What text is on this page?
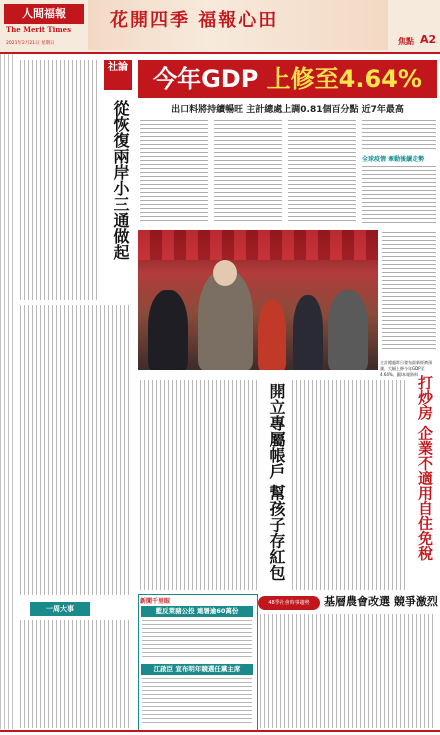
人間福報
The Merit Times
2021年2月21日 星期日
花開四季 福報心田
焦點 A2
社論
從恢復兩岸小三通做起
今年GDP 上修至4.64%
出口料將持續暢旺 主計總處上調0.81個百分點 近7年最高
全球疫情 牽動後續走勢
主計總處昨日發布最新經濟預測，大幅上修今年GDP至4.64%。圖/本報資料
開立專屬帳戶 幫孩子存紅包	打炒房 企業不適用自住免稅
48季社會時事趨勢	基層農會改選 競爭激烈
新聞千里眼
藍反萊豬公投 連署逾60萬份
江啟臣 宣布明年競選任黨主席
一周大事
